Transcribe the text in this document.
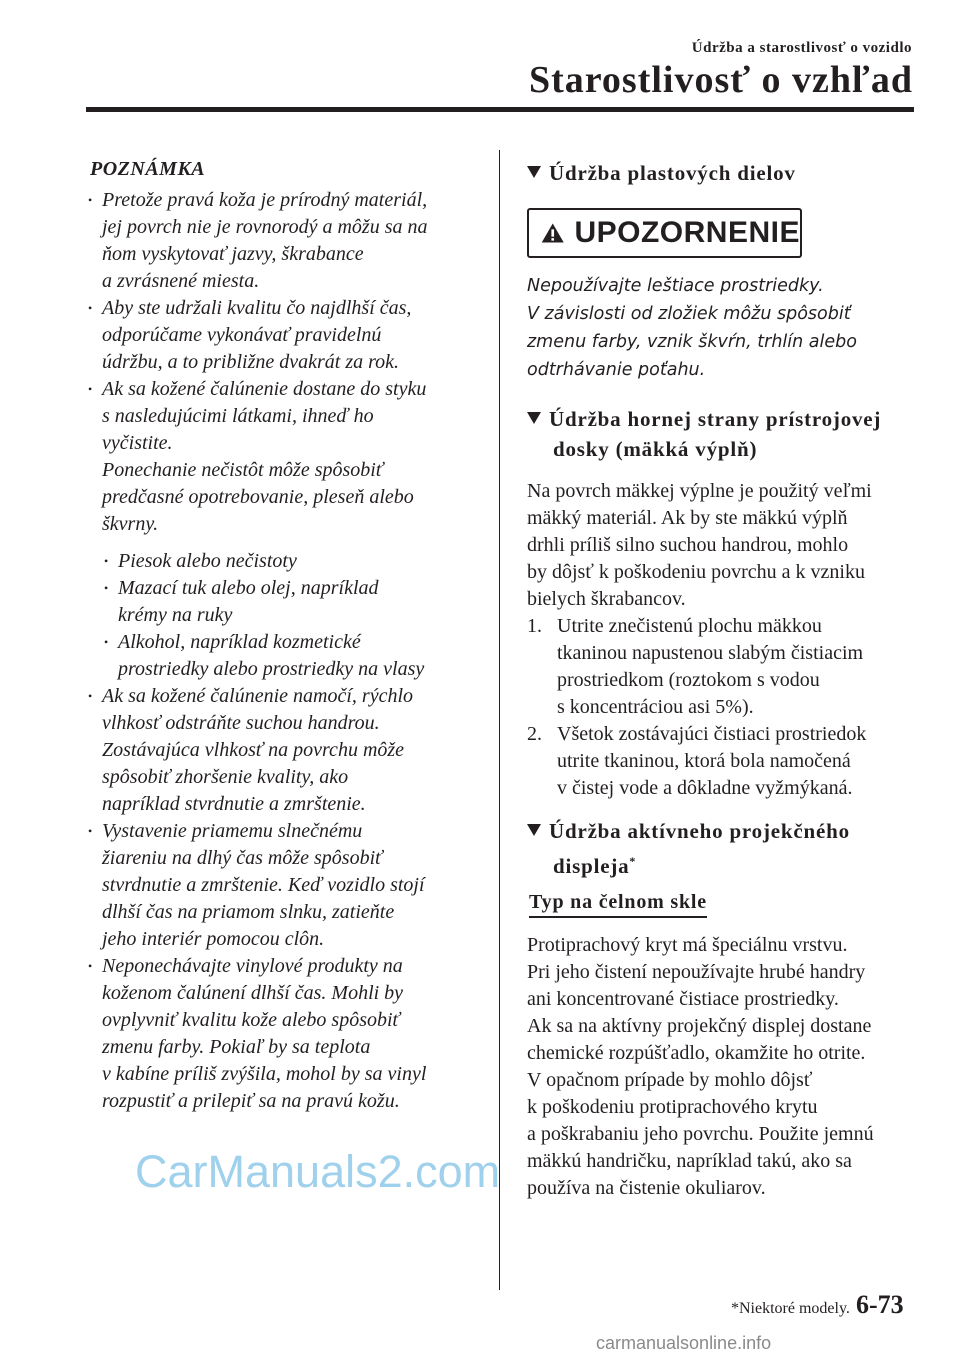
Údržba a starostlivosť o vozidlo
Starostlivosť o vzhľad
POZNÁMKA
• Pretože pravá koža je prírodný materiál,
jej povrch nie je rovnorodý a môžu sa na
ňom vyskytovať jazvy, škrabance
a zvrásnené miesta.
• Aby ste udržali kvalitu čo najdlhší čas,
odporúčame vykonávať pravidelnú
údržbu, a to približne dvakrát za rok.
• Ak sa kožené čalúnenie dostane do styku
s nasledujúcimi látkami, ihneď ho
vyčistite.
Ponechanie nečistôt môže spôsobiť
predčasné opotrebovanie, pleseň alebo
škvrny.
• Piesok alebo nečistoty
• Mazací tuk alebo olej, napríklad
krémy na ruky
• Alkohol, napríklad kozmetické
prostriedky alebo prostriedky na vlasy
• Ak sa kožené čalúnenie namočí, rýchlo
vlhkosť odstráňte suchou handrou.
Zostávajúca vlhkosť na povrchu môže
spôsobiť zhoršenie kvality, ako
napríklad stvrdnutie a zmrštenie.
• Vystavenie priamemu slnečnému
žiareniu na dlhý čas môže spôsobiť
stvrdnutie a zmrštenie. Keď vozidlo stojí
dlhší čas na priamom slnku, zatieňte
jeho interiér pomocou clôn.
• Neponechávajte vinylové produkty na
koženom čalúnení dlhší čas. Mohli by
ovplyvniť kvalitu kože alebo spôsobiť
zmenu farby. Pokiaľ by sa teplota
v kabíne príliš zvýšila, mohol by sa vinyl
rozpustiť a prilepiť sa na pravú kožu.
Údržba plastových dielov
UPOZORNENIE
Nepoužívajte leštiace prostriedky.
V závislosti od zložiek môžu spôsobiť
zmenu farby, vznik škvŕn, trhlín alebo
odtrhávanie poťahu.
Údržba hornej strany prístrojovej
dosky (mäkká výplň)
Na povrch mäkkej výplne je použitý veľmi
mäkký materiál. Ak by ste mäkkú výplň
drhli príliš silno suchou handrou, mohlo
by dôjsť k poškodeniu povrchu a k vzniku
bielych škrabancov.
1. Utrite znečistenú plochu mäkkou
tkaninou napustenou slabým čistiacim
prostriedkom (roztokom s vodou
s koncentráciou asi 5%).
2. Všetok zostávajúci čistiaci prostriedok
utrite tkaninou, ktorá bola namočená
v čistej vode a dôkladne vyžmýkaná.
Údržba aktívneho projekčného
displeja*
Typ na čelnom skle
Protiprachový kryt má špeciálnu vrstvu.
Pri jeho čistení nepoužívajte hrubé handry
ani koncentrované čistiace prostriedky.
Ak sa na aktívny projekčný displej dostane
chemické rozpúšťadlo, okamžite ho otrite.
V opačnom prípade by mohlo dôjsť
k poškodeniu protiprachového krytu
a poškrabaniu jeho povrchu. Použite jemnú
mäkkú handričku, napríklad takú, ako sa
používa na čistenie okuliarov.
CarManuals2.com
*Niektoré modely. 6-73
carmanualsonline.info
